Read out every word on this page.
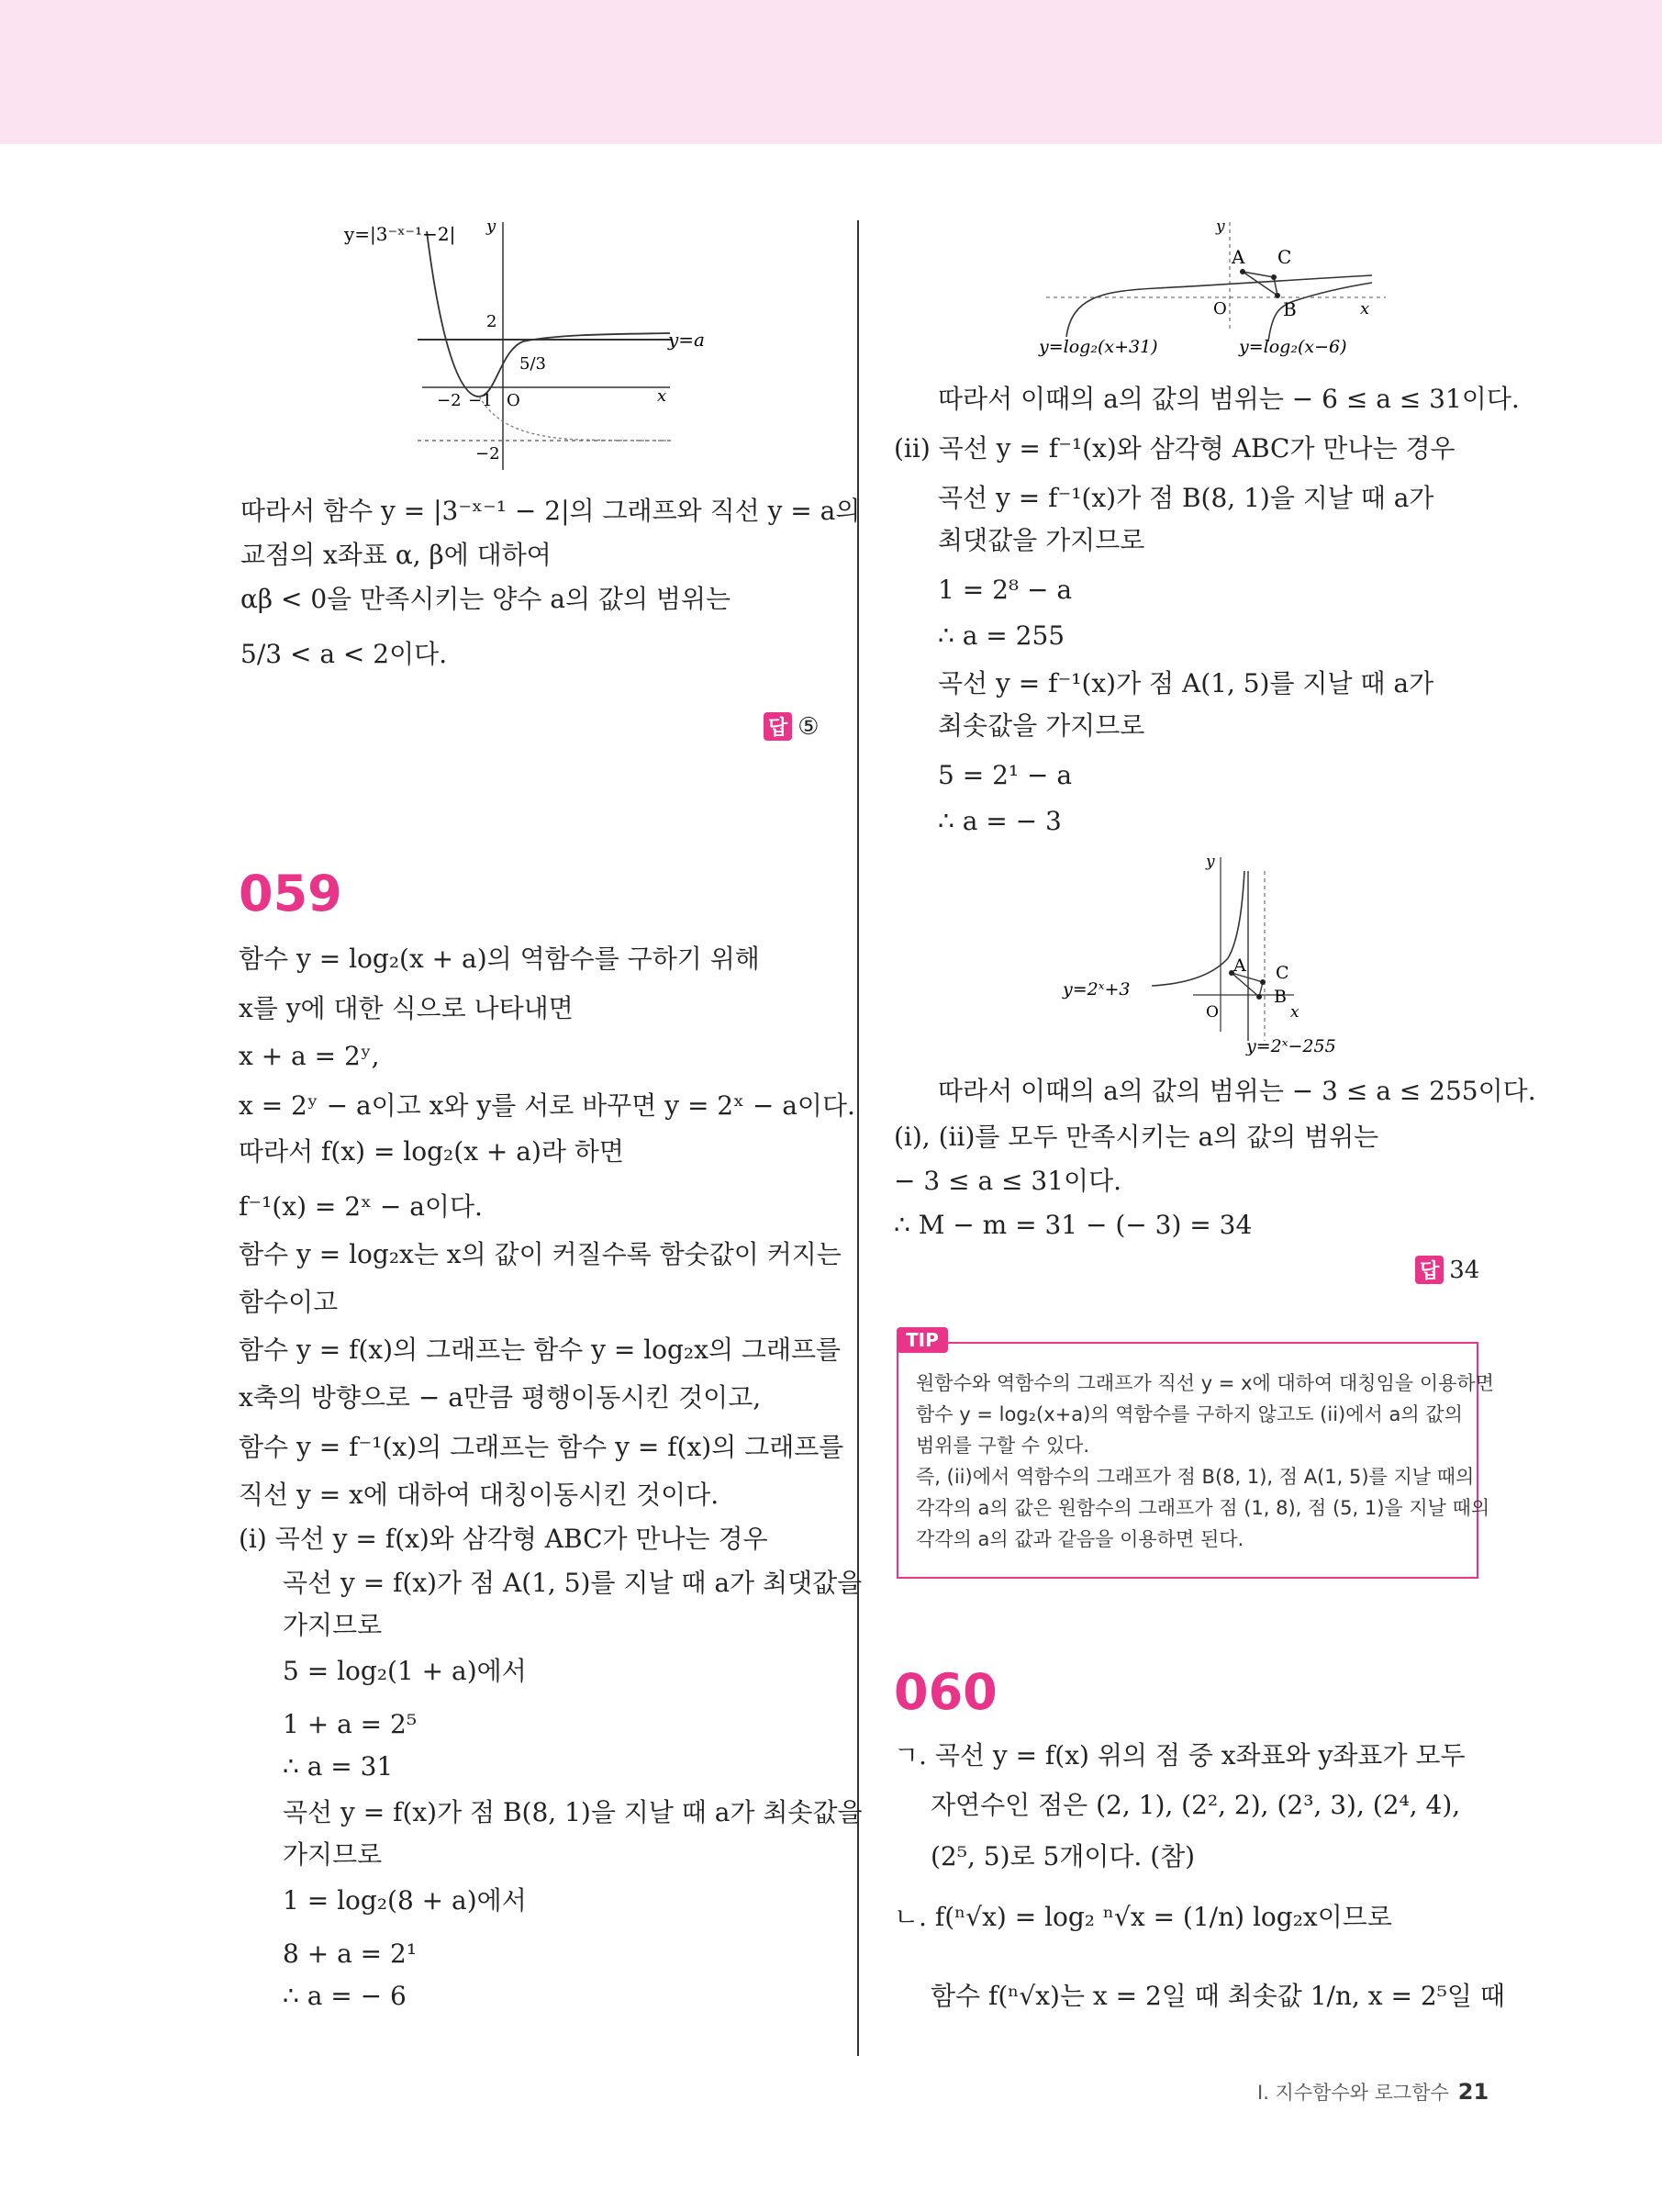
y=|3⁻ˣ⁻¹−2| y
y=a
x
2
5/3
−2 −1 O
−2

따라서 함수 y = |3⁻ˣ⁻¹ − 2|의 그래프와 직선 y = a의

교점의 x좌표 α, β에 대하여

αβ < 0을 만족시키는 양수 a의 값의 범위는

5/3 < a < 2이다.

답 ⑤
059

함수 y = log₂(x + a)의 역함수를 구하기 위해

x를 y에 대한 식으로 나타내면

x + a = 2ʸ,

x = 2ʸ − a이고 x와 y를 서로 바꾸면 y = 2ˣ − a이다.

따라서 f(x) = log₂(x + a)라 하면

f⁻¹(x) = 2ˣ − a이다.

함수 y = log₂x는 x의 값이 커질수록 함숫값이 커지는

함수이고

함수 y = f(x)의 그래프는 함수 y = log₂x의 그래프를

x축의 방향으로 − a만큼 평행이동시킨 것이고,

함수 y = f⁻¹(x)의 그래프는 함수 y = f(x)의 그래프를

직선 y = x에 대하여 대칭이동시킨 것이다.

(i) 곡선 y = f(x)와 삼각형 ABC가 만나는 경우

곡선 y = f(x)가 점 A(1, 5)를 지날 때 a가 최댓값을

가지므로

5 = log₂(1 + a)에서

1 + a = 2⁵

∴ a = 31

곡선 y = f(x)가 점 B(8, 1)을 지날 때 a가 최솟값을

가지므로

1 = log₂(8 + a)에서

8 + a = 2¹

∴ a = − 6

y
A C
O	B	x
y=log₂(x+31)	y=log₂(x−6)

따라서 이때의 a의 값의 범위는 − 6 ≤ a ≤ 31이다.

(ii) 곡선 y = f⁻¹(x)와 삼각형 ABC가 만나는 경우

곡선 y = f⁻¹(x)가 점 B(8, 1)을 지날 때 a가

최댓값을 가지므로

1 = 2⁸ − a

∴ a = 255

곡선 y = f⁻¹(x)가 점 A(1, 5)를 지날 때 a가

최솟값을 가지므로

5 = 2¹ − a

∴ a = − 3

y
A C
B
O	x
y=2ˣ+3
y=2ˣ−255

따라서 이때의 a의 값의 범위는 − 3 ≤ a ≤ 255이다.

(i), (ii)를 모두 만족시키는 a의 값의 범위는

− 3 ≤ a ≤ 31이다.

∴ M − m = 31 − (− 3) = 34

답 34
TIP
원함수와 역함수의 그래프가 직선 y = x에 대하여 대칭임을 이용하면
함수 y = log₂(x+a)의 역함수를 구하지 않고도 (ii)에서 a의 값의
범위를 구할 수 있다.
즉, (ii)에서 역함수의 그래프가 점 B(8, 1), 점 A(1, 5)를 지날 때의
각각의 a의 값은 원함수의 그래프가 점 (1, 8), 점 (5, 1)을 지날 때의
각각의 a의 값과 같음을 이용하면 된다.
060

ㄱ. 곡선 y = f(x) 위의 점 중 x좌표와 y좌표가 모두

자연수인 점은 (2, 1), (2², 2), (2³, 3), (2⁴, 4),

(2⁵, 5)로 5개이다. (참)

ㄴ. f(ⁿ√x) = log₂ ⁿ√x = (1/n) log₂x이므로

함수 f(ⁿ√x)는 x = 2일 때 최솟값 1/n, x = 2⁵일 때

I. 지수함수와 로그함수 21
